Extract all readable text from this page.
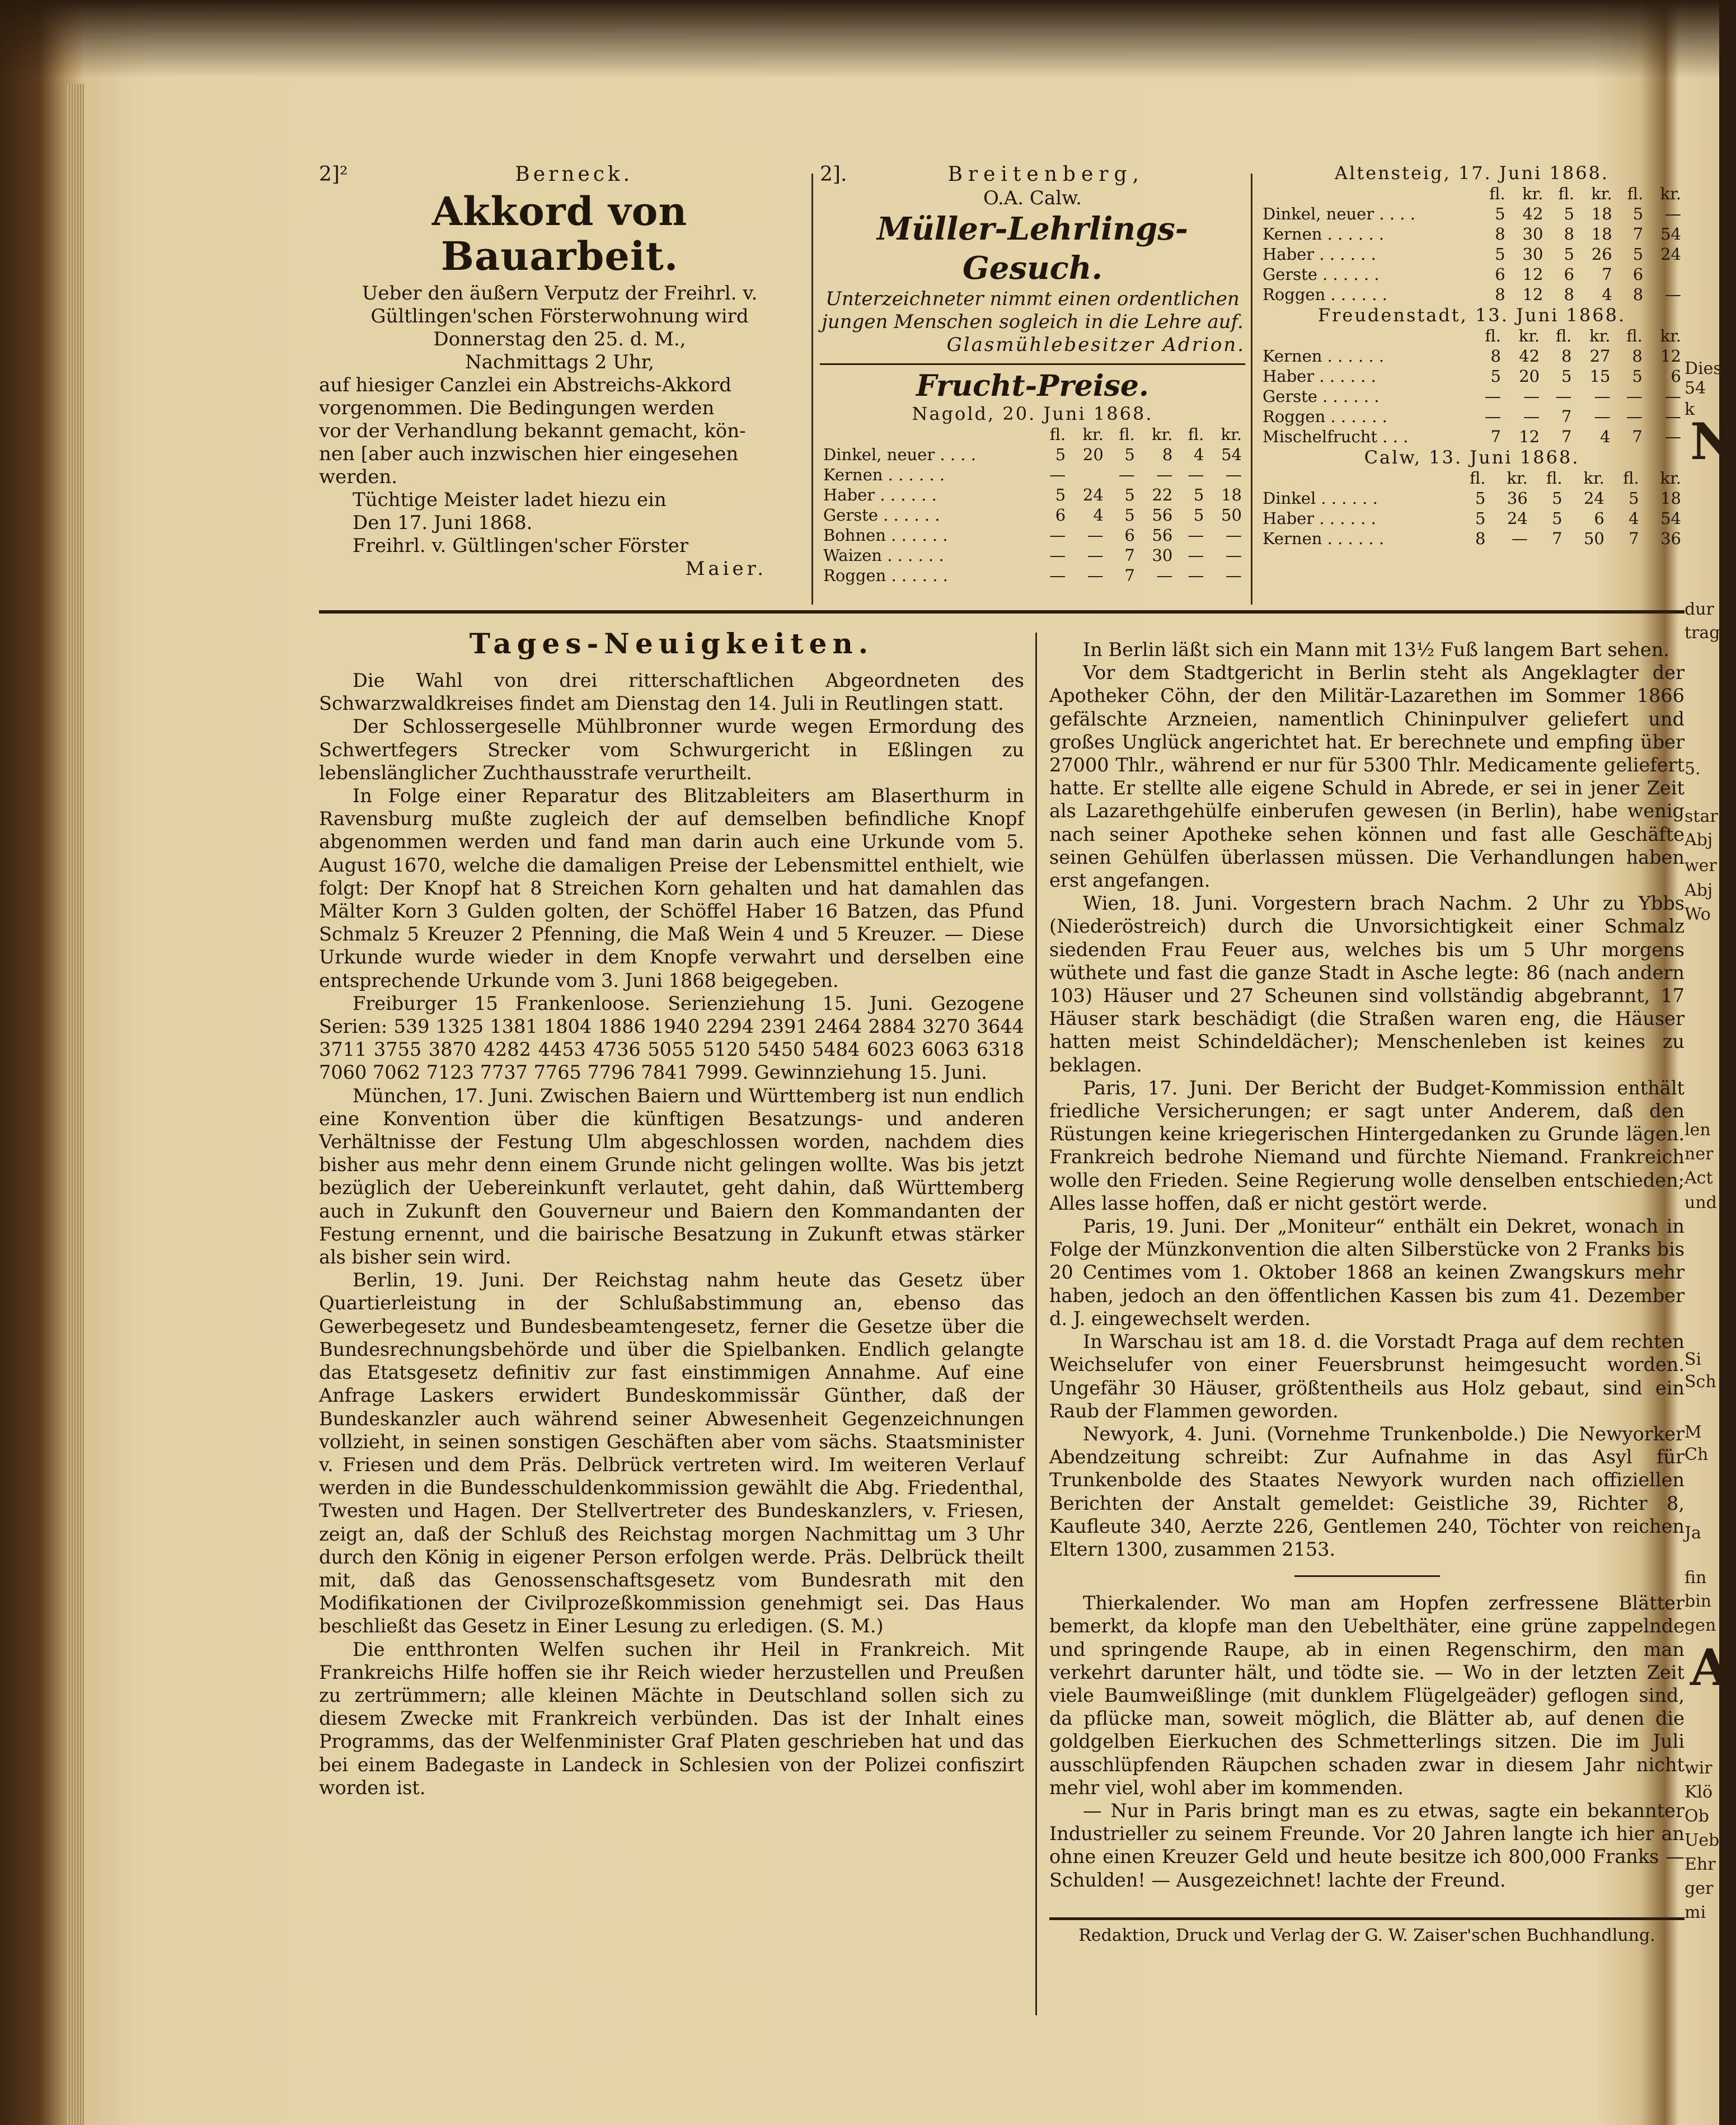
2]²	Berneck.
Akkord von Bauarbeit.
Ueber den äußern Verputz der Freihrl. v.
Gültlingen'schen Försterwohnung wird
Donnerstag den 25. d. M.,
Nachmittags 2 Uhr,
auf hiesiger Canzlei ein Abstreichs-Akkord
vorgenommen. Die Bedingungen werden
vor der Verhandlung bekannt gemacht, kön-
nen [aber auch inzwischen hier eingesehen
werden.
Tüchtige Meister ladet hiezu ein
Den 17. Juni 1868.
Freihrl. v. Gültlingen'scher Förster
Maier.
2].	Breitenberg,
O.A. Calw.
Müller-Lehrlings-Gesuch.
Unterzeichneter nimmt einen ordentlichen
jungen Menschen sogleich in die Lehre auf.
Glasmühlebesitzer Adrion.
Frucht-Preise.
Nagold, 20. Juni 1868.
	fl.	kr.	fl.	kr.	fl.	kr.
Dinkel, neuer . . . .	5	20	5	8	4	54
Kernen . . . . . .	—		—	—	—	—
Haber . . . . . .	5	24	5	22	5	18
Gerste . . . . . .	6	4	5	56	5	50
Bohnen . . . . . .	—	—	6	56	—	—
Waizen . . . . . .	—	—	7	30	—	—
Roggen . . . . . .	—	—	7	—	—	—
Altensteig, 17. Juni 1868.
	fl.	kr.	fl.	kr.	fl.	kr.
Dinkel, neuer . . . .	5	42	5	18	5	—
Kernen . . . . . .	8	30	8	18	7	54
Haber . . . . . .	5	30	5	26	5	24
Gerste . . . . . .	6	12	6	7	6	
Roggen . . . . . .	8	12	8	4	8	—
Freudenstadt, 13. Juni 1868.
	fl.	kr.	fl.	kr.	fl.	kr.
Kernen . . . . . .	8	42	8	27	8	12
Haber . . . . . .	5	20	5	15	5	6
Gerste . . . . . .	—	—	—	—	—	—
Roggen . . . . . .	—	—	7	—	—	—
Mischelfrucht . . .	7	12	7	4	7	—
Calw, 13. Juni 1868.
	fl.	kr.	fl.	kr.	fl.	kr.
Dinkel . . . . . .	5	36	5	24	5	18
Haber . . . . . .	5	24	5	6	4	54
Kernen . . . . . .	8	—	7	50	7	36
Tages-Neuigkeiten.

Die Wahl von drei ritterschaftlichen Abgeordneten des Schwarzwaldkreises findet am Dienstag den 14. Juli in Reutlingen statt.

Der Schlossergeselle Mühlbronner wurde wegen Ermordung des Schwertfegers Strecker vom Schwurgericht in Eßlingen zu lebenslänglicher Zuchthausstrafe verurtheilt.

In Folge einer Reparatur des Blitzableiters am Blaserthurm in Ravensburg mußte zugleich der auf demselben befindliche Knopf abgenommen werden und fand man darin auch eine Urkunde vom 5. August 1670, welche die damaligen Preise der Lebensmittel enthielt, wie folgt: Der Knopf hat 8 Streichen Korn gehalten und hat damahlen das Mälter Korn 3 Gulden golten, der Schöffel Haber 16 Batzen, das Pfund Schmalz 5 Kreuzer 2 Pfenning, die Maß Wein 4 und 5 Kreuzer. — Diese Urkunde wurde wieder in dem Knopfe verwahrt und derselben eine entsprechende Urkunde vom 3. Juni 1868 beigegeben.

Freiburger 15 Frankenloose. Serienziehung 15. Juni. Gezogene Serien: 539 1325 1381 1804 1886 1940 2294 2391 2464 2884 3270 3644 3711 3755 3870 4282 4453 4736 5055 5120 5450 5484 6023 6063 6318 7060 7062 7123 7737 7765 7796 7841 7999. Gewinnziehung 15. Juni.

München, 17. Juni. Zwischen Baiern und Württemberg ist nun endlich eine Konvention über die künftigen Besatzungs- und anderen Verhältnisse der Festung Ulm abgeschlossen worden, nachdem dies bisher aus mehr denn einem Grunde nicht gelingen wollte. Was bis jetzt bezüglich der Uebereinkunft verlautet, geht dahin, daß Württemberg auch in Zukunft den Gouverneur und Baiern den Kommandanten der Festung ernennt, und die bairische Besatzung in Zukunft etwas stärker als bisher sein wird.

Berlin, 19. Juni. Der Reichstag nahm heute das Gesetz über Quartierleistung in der Schlußabstimmung an, ebenso das Gewerbegesetz und Bundesbeamtengesetz, ferner die Gesetze über die Bundesrechnungsbehörde und über die Spielbanken. Endlich gelangte das Etatsgesetz definitiv zur fast einstimmigen Annahme. Auf eine Anfrage Laskers erwidert Bundeskommissär Günther, daß der Bundeskanzler auch während seiner Abwesenheit Gegenzeichnungen vollzieht, in seinen sonstigen Geschäften aber vom sächs. Staatsminister v. Friesen und dem Präs. Delbrück vertreten wird. Im weiteren Verlauf werden in die Bundesschuldenkommission gewählt die Abg. Friedenthal, Twesten und Hagen. Der Stellvertreter des Bundeskanzlers, v. Friesen, zeigt an, daß der Schluß des Reichstag morgen Nachmittag um 3 Uhr durch den König in eigener Person erfolgen werde. Präs. Delbrück theilt mit, daß das Genossenschaftsgesetz vom Bundesrath mit den Modifikationen der Civilprozeßkommission genehmigt sei. Das Haus beschließt das Gesetz in Einer Lesung zu erledigen. (S. M.)

Die entthronten Welfen suchen ihr Heil in Frankreich. Mit Frankreichs Hilfe hoffen sie ihr Reich wieder herzustellen und Preußen zu zertrümmern; alle kleinen Mächte in Deutschland sollen sich zu diesem Zwecke mit Frankreich verbünden. Das ist der Inhalt eines Programms, das der Welfenminister Graf Platen geschrieben hat und das bei einem Badegaste in Landeck in Schlesien von der Polizei confiszirt worden ist.

In Berlin läßt sich ein Mann mit 13½ Fuß langem Bart sehen.

Vor dem Stadtgericht in Berlin steht als Angeklagter der Apotheker Cöhn, der den Militär-Lazarethen im Sommer 1866 gefälschte Arzneien, namentlich Chininpulver geliefert und großes Unglück angerichtet hat. Er berechnete und empfing über 27000 Thlr., während er nur für 5300 Thlr. Medicamente geliefert hatte. Er stellte alle eigene Schuld in Abrede, er sei in jener Zeit als Lazarethgehülfe einberufen gewesen (in Berlin), habe wenig nach seiner Apotheke sehen können und fast alle Geschäfte seinen Gehülfen überlassen müssen. Die Verhandlungen haben erst angefangen.

Wien, 18. Juni. Vorgestern brach Nachm. 2 Uhr zu Ybbs (Niederöstreich) durch die Unvorsichtigkeit einer Schmalz siedenden Frau Feuer aus, welches bis um 5 Uhr morgens wüthete und fast die ganze Stadt in Asche legte: 86 (nach andern 103) Häuser und 27 Scheunen sind vollständig abgebrannt, 17 Häuser stark beschädigt (die Straßen waren eng, die Häuser hatten meist Schindeldächer); Menschenleben ist keines zu beklagen.

Paris, 17. Juni. Der Bericht der Budget-Kommission enthält friedliche Versicherungen; er sagt unter Anderem, daß den Rüstungen keine kriegerischen Hintergedanken zu Grunde lägen. Frankreich bedrohe Niemand und fürchte Niemand. Frankreich wolle den Frieden. Seine Regierung wolle denselben entschieden; Alles lasse hoffen, daß er nicht gestört werde.

Paris, 19. Juni. Der „Moniteur“ enthält ein Dekret, wonach in Folge der Münzkonvention die alten Silberstücke von 2 Franks bis 20 Centimes vom 1. Oktober 1868 an keinen Zwangskurs mehr haben, jedoch an den öffentlichen Kassen bis zum 41. Dezember d. J. eingewechselt werden.

In Warschau ist am 18. d. die Vorstadt Praga auf dem rechten Weichselufer von einer Feuersbrunst heimgesucht worden. Ungefähr 30 Häuser, größtentheils aus Holz gebaut, sind ein Raub der Flammen geworden.

Newyork, 4. Juni. (Vornehme Trunkenbolde.) Die Newyorker Abendzeitung schreibt: Zur Aufnahme in das Asyl für Trunkenbolde des Staates Newyork wurden nach offiziellen Berichten der Anstalt gemeldet: Geistliche 39, Richter 8, Kaufleute 340, Aerzte 226, Gentlemen 240, Töchter von reichen Eltern 1300, zusammen 2153.

Thierkalender. Wo man am Hopfen zerfressene Blätter bemerkt, da klopfe man den Uebelthäter, eine grüne zappelnde und springende Raupe, ab in einen Regenschirm, den man verkehrt darunter hält, und tödte sie. — Wo in der letzten Zeit viele Baumweißlinge (mit dunklem Flügelgeäder) geflogen sind, da pflücke man, soweit möglich, die Blätter ab, auf denen die goldgelben Eierkuchen des Schmetterlings sitzen. Die im Juli ausschlüpfenden Räupchen schaden zwar in diesem Jahr nicht mehr viel, wohl aber im kommenden.

— Nur in Paris bringt man es zu etwas, sagte ein bekannter Industrieller zu seinem Freunde. Vor 20 Jahren langte ich hier an ohne einen Kreuzer Geld und heute besitze ich 800,000 Franks — Schulden! — Ausgezeichnet! lachte der Freund.

Redaktion, Druck und Verlag der G. W. Zaiser'schen Buchhandlung.
Dies
54 k
N
dur
trag
5.
star
Abj
wer
Abj
Wo
len
ner
Act
und
Si
Sch
M
Ch
Ja
fin
bin
gen
A
wir
Klö
Ob
Ueb
Ehr
ger
mi
